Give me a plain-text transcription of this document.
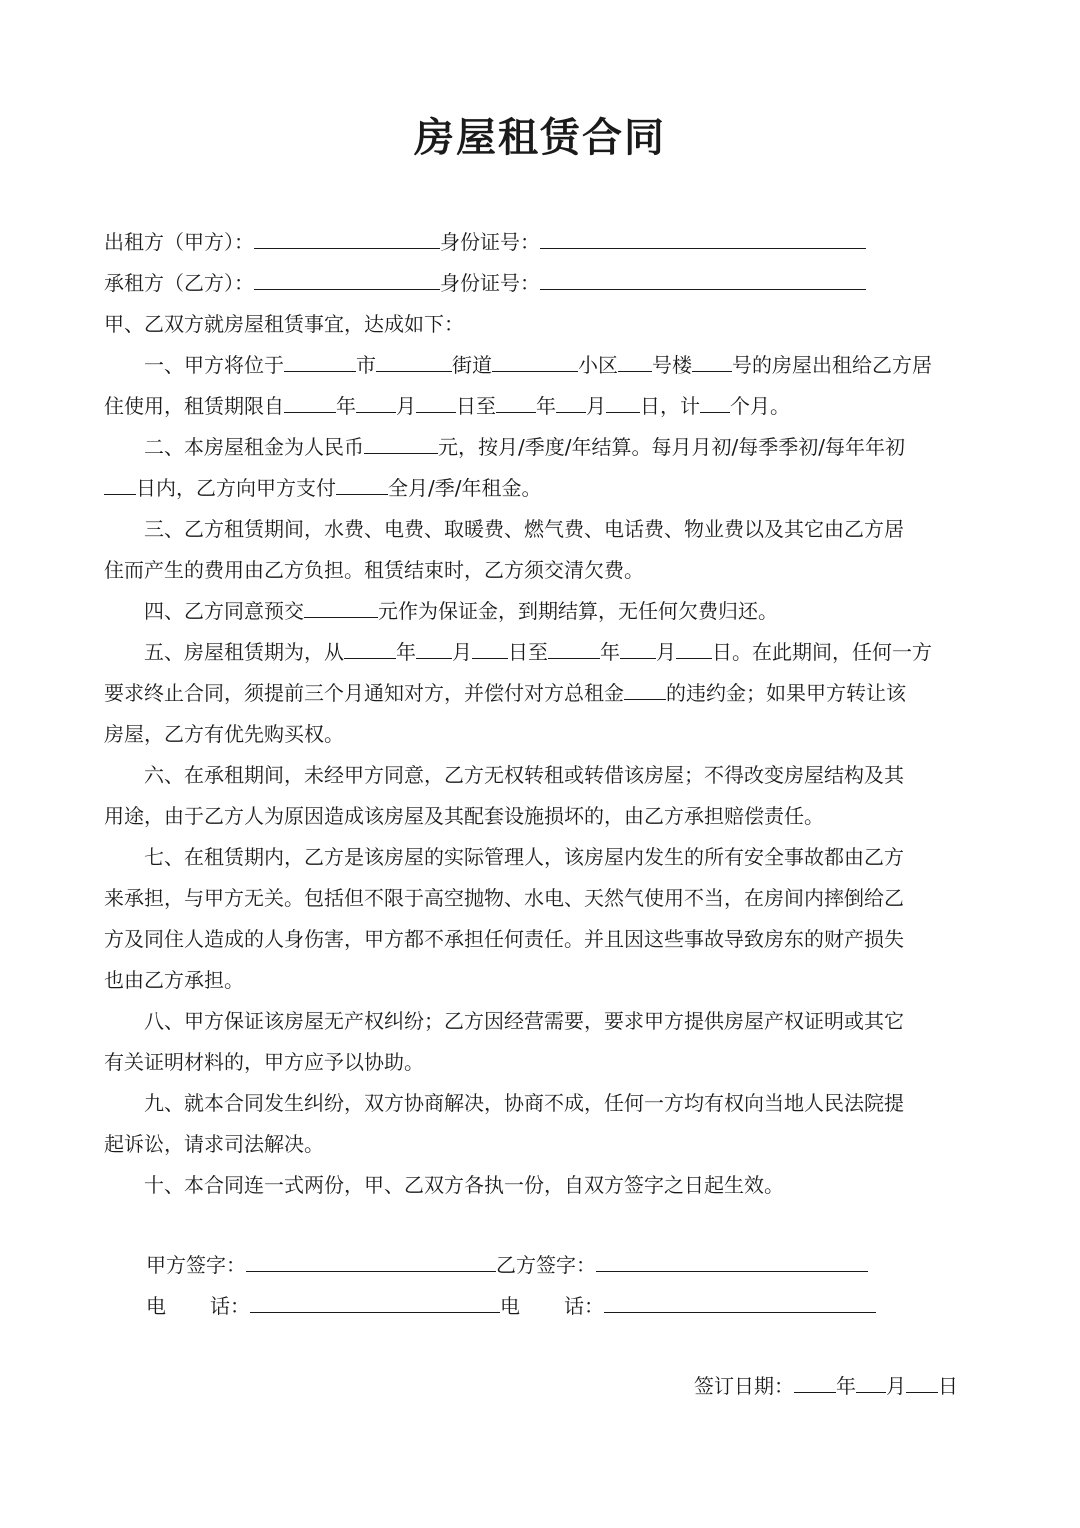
房屋租赁合同
出租方（甲方）：	身份证号：
承租方（乙方）：	身份证号：
甲、乙双方就房屋租赁事宜，达成如下：
一、甲方将位于	市	街道	小区 号楼 号的房屋出租给乙方居
住使用，租赁期限自	年 月 日至 年 月 日，计 个月。
二、本房屋租金为人民币	元，按月/季度/年结算。每月月初/每季季初/每年年初
日内，乙方向甲方支付	全月/季/年租金。
三、乙方租赁期间，水费、电费、取暖费、燃气费、电话费、物业费以及其它由乙方居
住而产生的费用由乙方负担。租赁结束时，乙方须交清欠费。
四、乙方同意预交	元作为保证金，到期结算，无任何欠费归还。
五、房屋租赁期为，从	年 月 日至	年 月 日。在此期间，任何一方
要求终止合同，须提前三个月通知对方，并偿付对方总租金 的违约金；如果甲方转让该
房屋，乙方有优先购买权。
六、在承租期间，未经甲方同意，乙方无权转租或转借该房屋；不得改变房屋结构及其
用途，由于乙方人为原因造成该房屋及其配套设施损坏的，由乙方承担赔偿责任。
七、在租赁期内，乙方是该房屋的实际管理人，该房屋内发生的所有安全事故都由乙方
来承担，与甲方无关。包括但不限于高空抛物、水电、天然气使用不当，在房间内摔倒给乙
方及同住人造成的人身伤害，甲方都不承担任何责任。并且因这些事故导致房东的财产损失
也由乙方承担。
八、甲方保证该房屋无产权纠纷；乙方因经营需要，要求甲方提供房屋产权证明或其它
有关证明材料的，甲方应予以协助。
九、就本合同发生纠纷，双方协商解决，协商不成，任何一方均有权向当地人民法院提
起诉讼，请求司法解决。
十、本合同连一式两份，甲、乙双方各执一份，自双方签字之日起生效。
甲方签字：	乙方签字：
电 话：	电 话：
签订日期： 年 月 日
